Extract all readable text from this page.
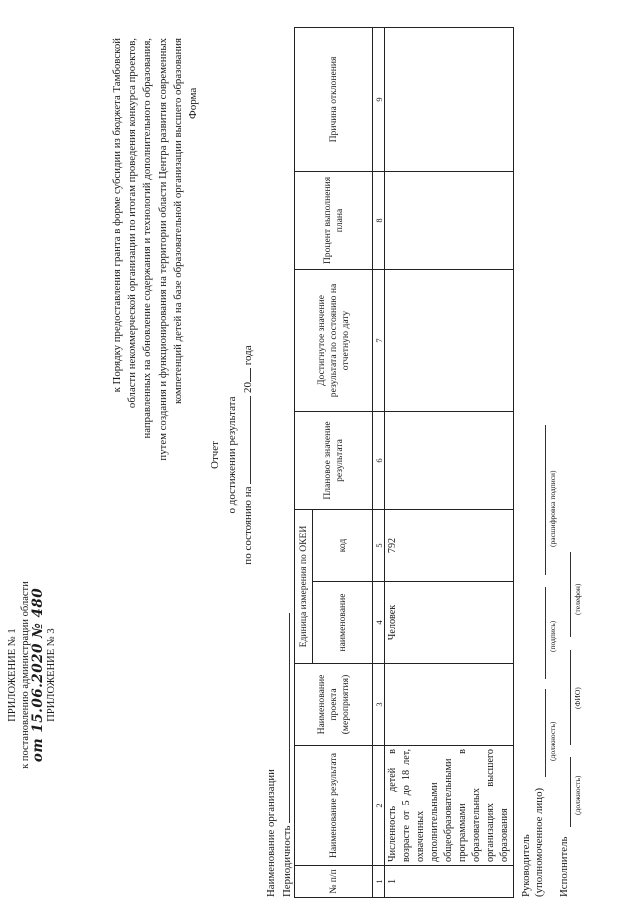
ПРИЛОЖЕНИЕ № 1 к постановлению администрации области от 15.06.2020 № 480 ПРИЛОЖЕНИЕ № 3
к Порядку предоставления гранта в форме субсидии из бюджета Тамбовской области некоммерческой организации по итогам проведения конкурса проектов, направленных на обновление содержания и технологий дополнительного образования, путем создания и функционирования на территории области Центра развития современных компетенций детей на базе образовательной организации высшего образования Форма
Отчет о достижении результата
по состоянию на  20 года
Наименование организации Периодичность	№ п/п	Наименование результата	Наименование проекта (мероприятия)	Единица измерения по ОКЕИ		Плановое значение результата	Достигнутое значение результата по состоянию на отчетную дату	Процент выполнения плана	Причина отклонения
			наименование	код				
1	2	3	4	5	6	7	8	9
1	Численность детей в возрасте от 5 до 18 лет, охваченных дополнительными общеобразовательными программами в образовательных организациях высшего образования		Человек	792				
Руководитель (уполномоченное лицо)
(должность)
(подпись)
(расшифровка подписи)
Исполнитель
(должность)
(ФИО)
(телефон)
